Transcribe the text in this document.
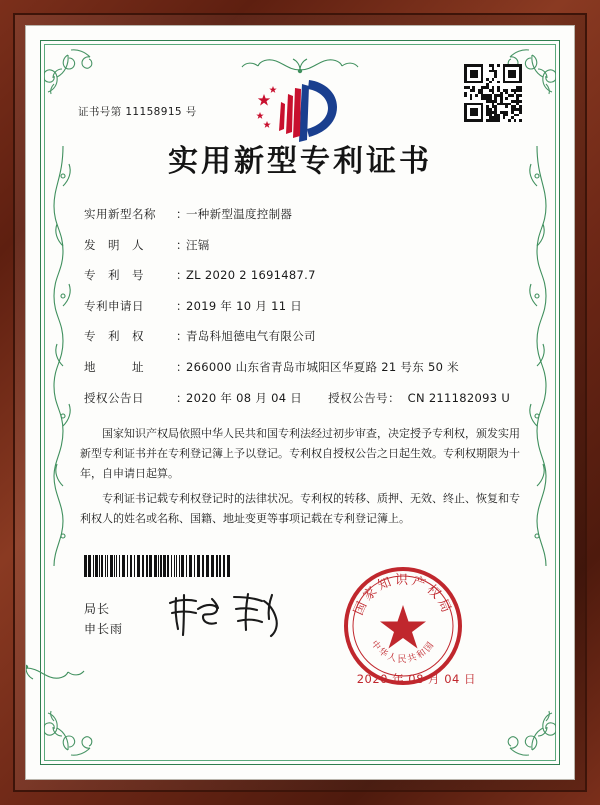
证书号第 11158915 号
实用新型专利证书
实用新型名称	：
一种新型温度控制器
发　明　人	：
汪镉
专　利　号	：
ZL 2020 2 1691487.7
专利申请日	：
2019 年 10 月 11 日
专　利　权	：
青岛科旭德电气有限公司
地　　　址	：
266000 山东省青岛市城阳区华夏路 21 号东 50 米
授权公告日	：
2020 年 08 月 04 日 授权公告号 ： CN 211182093 U

国家知识产权局依照中华人民共和国专利法经过初步审查，决定授予专利权，颁发实用新型专利证书并在专利登记簿上予以登记。专利权自授权公告之日起生效。专利权期限为十年，自申请日起算。

专利证书记载专利权登记时的法律状况。专利权的转移、质押、无效、终止、恢复和专利权人的姓名或名称、国籍、地址变更等事项记载在专利登记簿上。

局长
申长雨
国家知识产权局
中华人民共和国
2020 年 08 月 04 日
